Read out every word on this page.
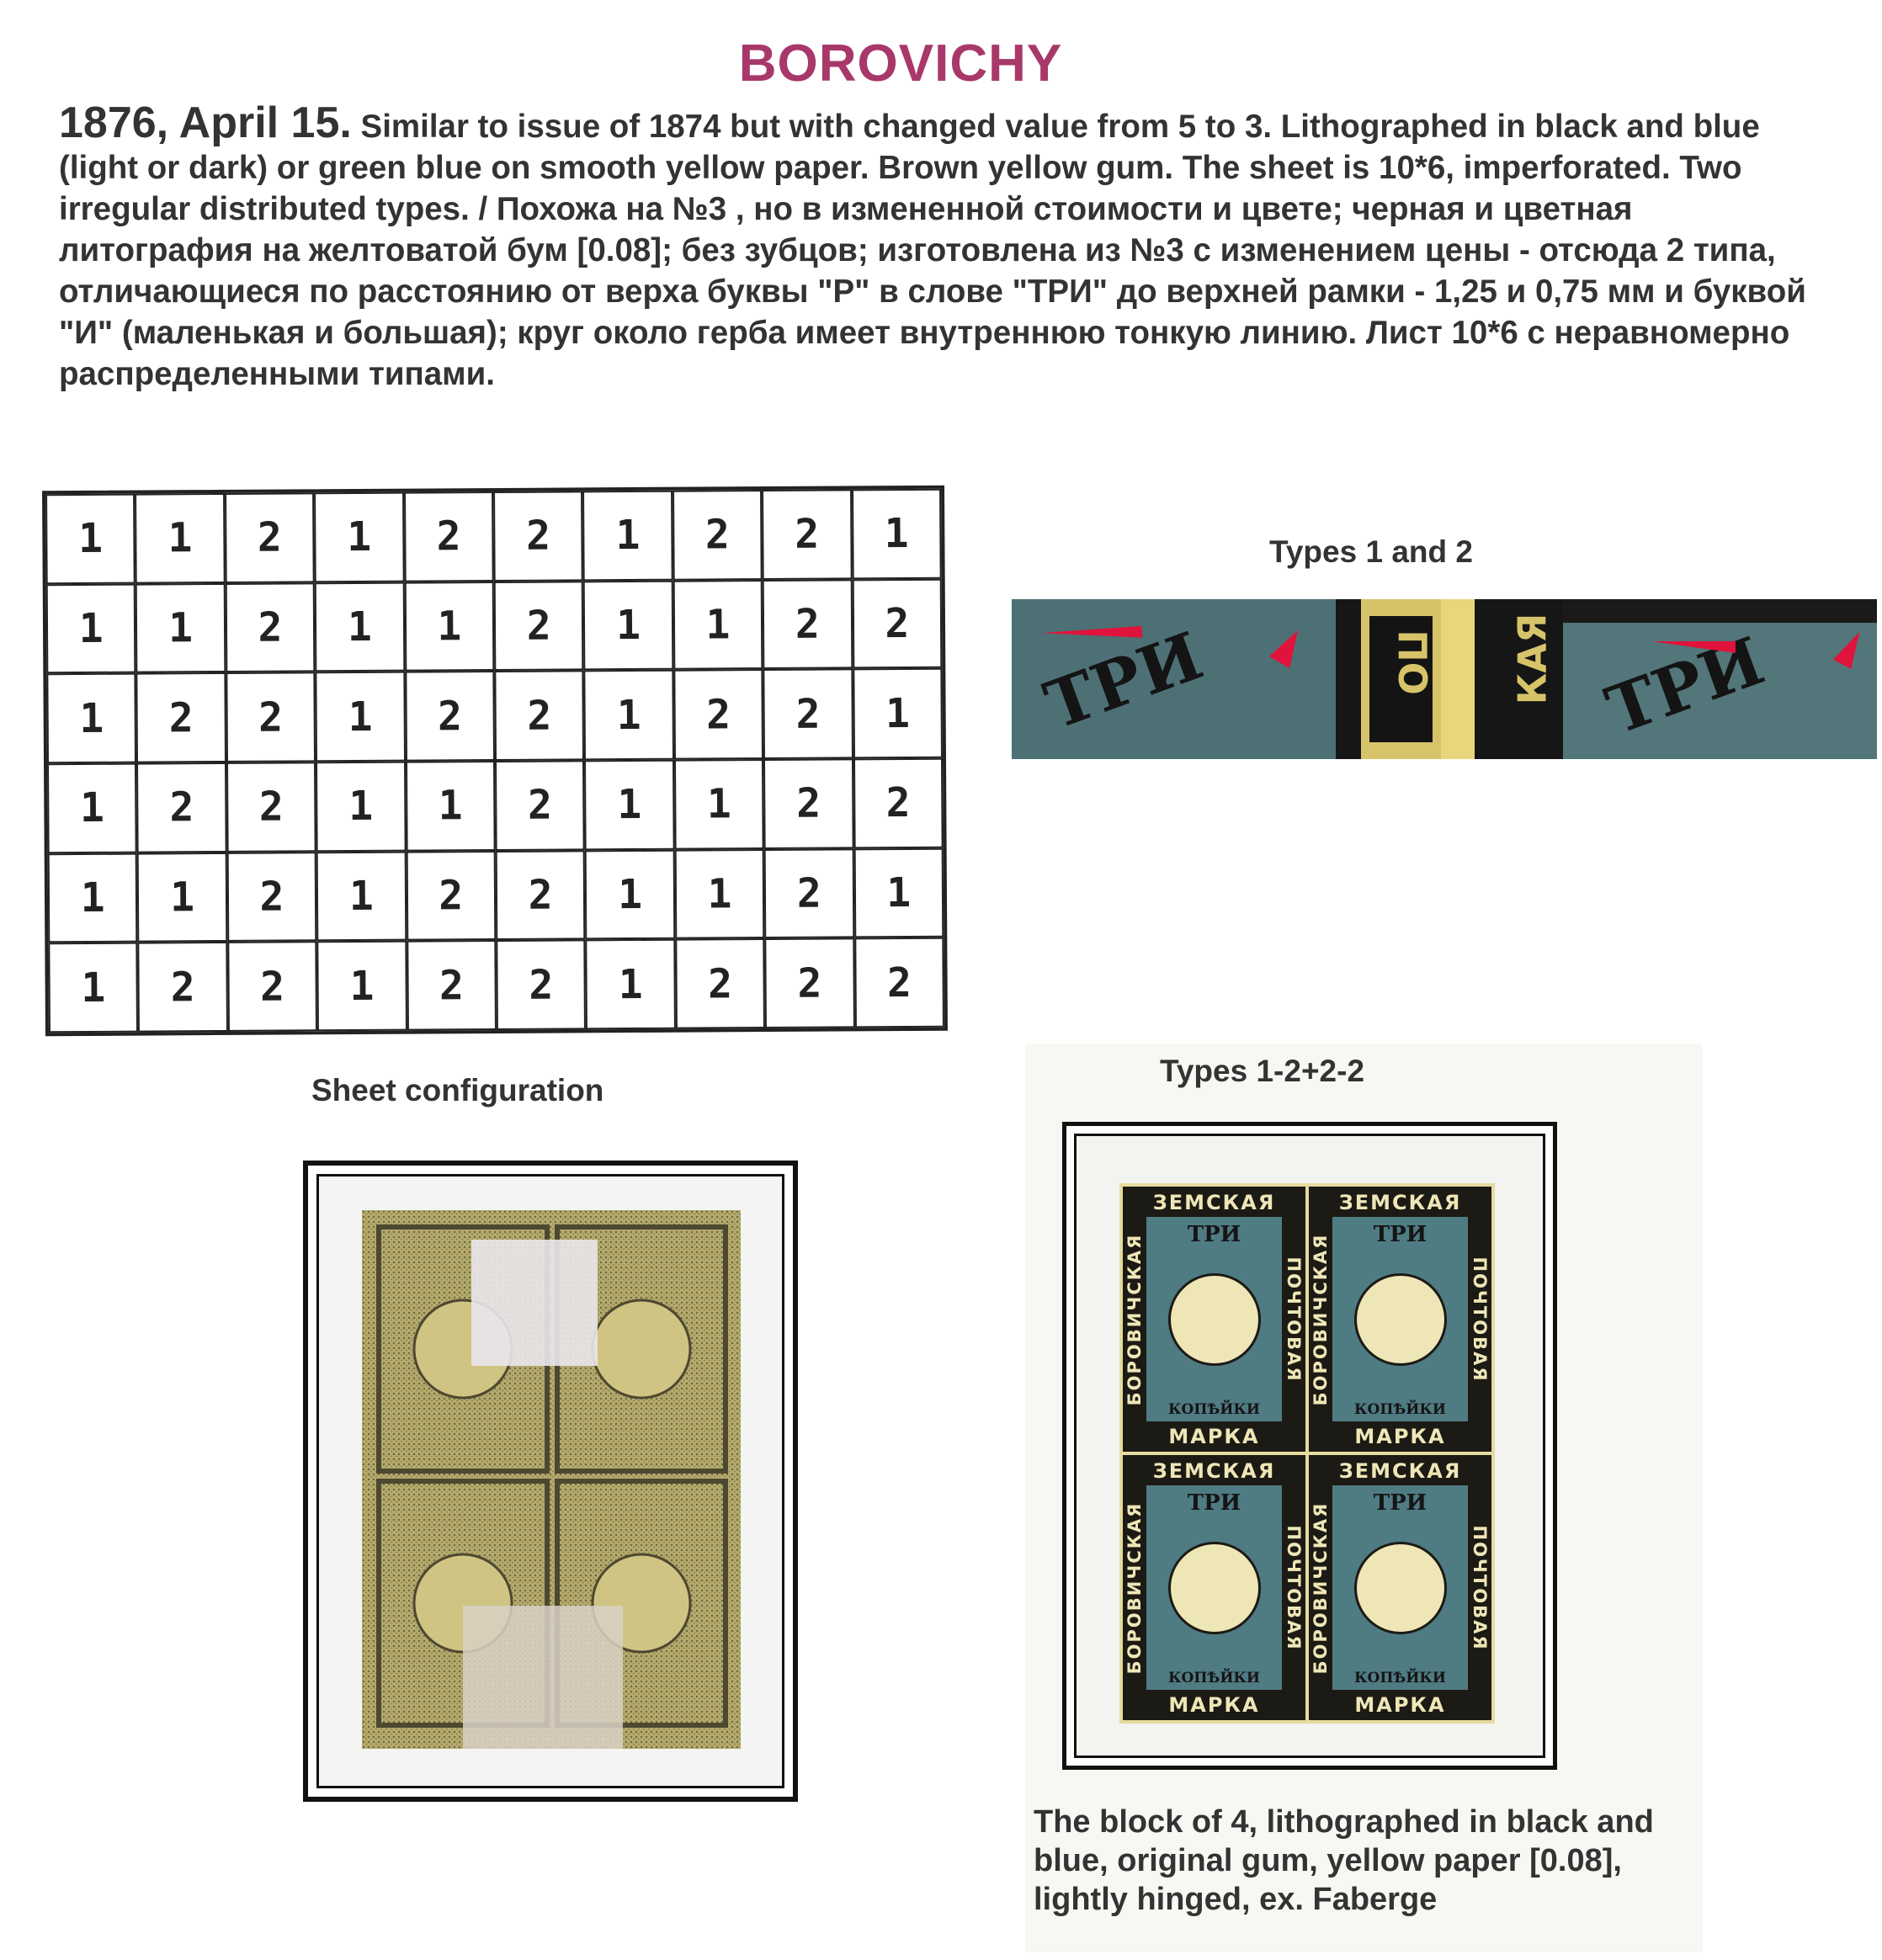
BOROVICHY
1876, April 15. Similar to issue of 1874 but with changed value from 5 to 3. Lithographed in black and blue (light or dark) or green blue on smooth yellow paper. Brown yellow gum. The sheet is 10*6, imperforated. Two irregular distributed types. / Похожа на №3 , но в измененной стоимости и цвете; черная и цветная литография на желтоватой бум [0.08]; без зубцов; изготовлена из №3 с изменением цены - отсюда 2 типа, отличающиеся по расстоянию от верха буквы "Р" в слове "ТРИ" до верхней рамки - 1,25 и 0,75 мм и буквой "И" (маленькая и большая); круг около герба имеет внутреннюю тонкую линию. Лист 10*6 с неравномерно распределенными типами.
1	1	2	1	2	2	1	2	2	1
1	1	2	1	1	2	1	1	2	2
1	2	2	1	2	2	1	2	2	1
1	2	2	1	1	2	1	1	2	2
1	1	2	1	2	2	1	1	2	1
1	2	2	1	2	2	1	2	2	2
Sheet configuration
Types 1 and 2
ТРИ	ПО КАЯ ТРИ
Types 1-2+2-2
ЗЕМСКАЯ
МАРКА
БОРОВИЧСКАЯ	ПОЧТОВАЯ
ТРИ
КОПѢЙКИ
ЗЕМСКАЯ
МАРКА
БОРОВИЧСКАЯ	ПОЧТОВАЯ
ТРИ
КОПѢЙКИ
ЗЕМСКАЯ
МАРКА
БОРОВИЧСКАЯ	ПОЧТОВАЯ
ТРИ
КОПѢЙКИ
ЗЕМСКАЯ
МАРКА
БОРОВИЧСКАЯ	ПОЧТОВАЯ
ТРИ
КОПѢЙКИ
The block of 4, lithographed in black and blue, original gum, yellow paper [0.08], lightly hinged, ex. Faberge
